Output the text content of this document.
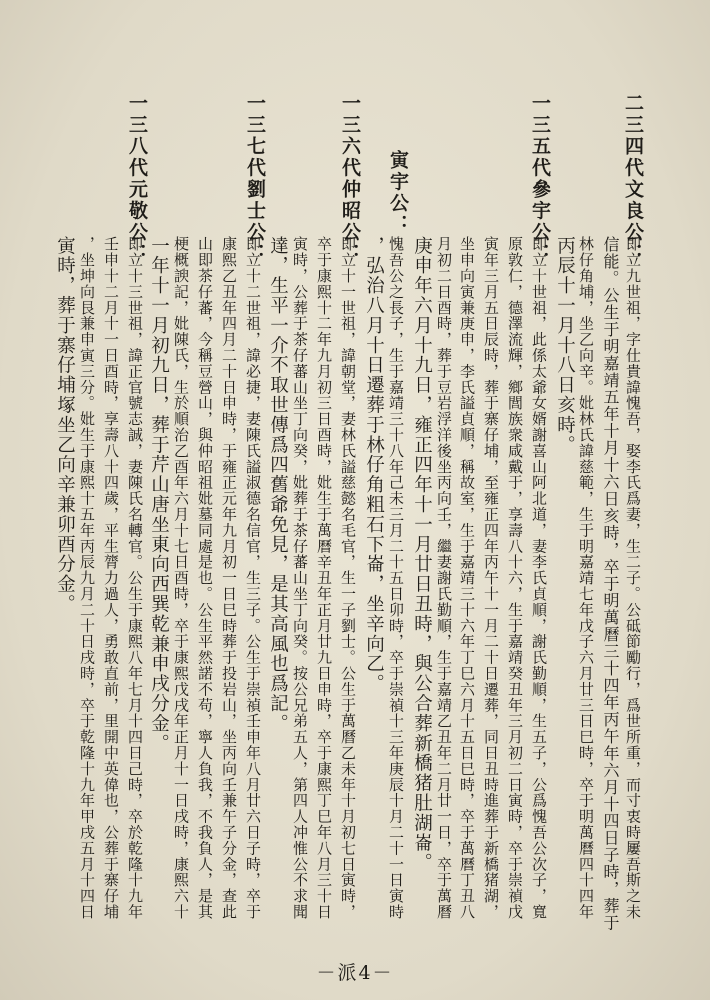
二三四代文良公：

即立九世祖，字仕貴諱愧吾，娶李氏爲妻，生二子。公砥節勵行，爲世所重，而寸衷時屢吾斯之未

信能。公生于明嘉靖五年十月十六日亥時，卒于明萬曆三十四年丙午年六月十四日子時，葬于

林仔角埔，坐乙向辛。妣林氏諱慈範，生于明嘉靖七年戊子六月廿三日巳時，卒于明萬曆四十四年

丙辰十一月十八日亥時。

一三五代參宇公：

即立十世祖，此係太爺女婿謝喜山阿北道，妻李氏貞順，謝氏勤順，生五子，公爲愧吾公次子，寬

原敦仁，德澤流輝，鄉閭族衆咸戴于，享壽八十六，生于嘉靖癸丑年三月初二日寅時，卒于崇禎戊

寅年三月五日辰時，葬于寨仔埔，至雍正四年丙午十一月二十日遷葬，同日丑時進葬于新橋猪湖，

坐申向寅兼庚申，李氏謚貞順，稱故室，生于嘉靖三十六年丁巳六月十五日巳時，卒于萬曆丁丑八

月初二日酉時，葬于豆岩浮洋後坐丙向壬，繼妻謝氏勤順，生于嘉靖乙丑年二月廿一日，卒于萬曆

庚申年六月十九日，雍正四年十一月廿日丑時，與公合葬新橋猪肚湖崙。

寅宇公：

愧吾公之長子，生于嘉靖三十八年己未三月二十五日卯時，卒于崇禎十三年庚辰十月二十一日寅時

，弘治八月十日遷葬于林仔角粗石下崙，坐辛向乙。

一三六代仲昭公：

即立十一世祖，諱朝堂，妻林氏謚慈懿名毛官，生一子劉士。公生于萬曆乙未年十月初七日寅時，

卒于康熙十二年九月初三日酉時，妣生于萬曆辛丑年正月廿九日申時，卒于康熙丁巳年八月三十日

寅時，公葬于茶仔蕃山坐丁向癸，妣葬于茶仔蕃山坐丁向癸。按公兄弟五人，第四人冲惟公不求聞

達，生平一介不取世傳爲四舊爺免見，是其高風也爲記。

一三七代劉士公：

即立十二世祖，諱必捷，妻陳氏謚淑德名信官，生三子。公生于崇禎壬申年八月廿六日子時，卒于

康熙乙丑年四月二十日申時，于雍正元年九月初一日巳時葬于投岩山，坐丙向壬兼午子分金，查此

山即茶仔蕃，今稱豆營山，與仲昭祖妣墓同處是也。公生平然諾不苟，寧人負我，不我負人，是其

梗概諛記，妣陳氏，生於順治乙酉年六月十七日酉時，卒于康熙戊戌年正月十一日戌時，康熙六十

一年十一月初九日，葬于芹山唐坐東向西巽乾兼申戌分金。

一三八代元敬公：

即立十三世祖，諱正官號志誠，妻陳氏名轉官。公生于康熙八年七月十四日己時，卒於乾隆十九年

壬申十二月十一日酉時，享壽八十四歲，平生膂力過人，勇敢直前，里開中英偉也，公葬于寨仔埔

，坐坤向艮兼申寅三分。妣生于康熙十五年丙辰九月二十日戌時，卒于乾隆十九年甲戌五月十四日

寅時，葬于寨仔埔塚坐乙向辛兼卯酉分金。

－派4－
